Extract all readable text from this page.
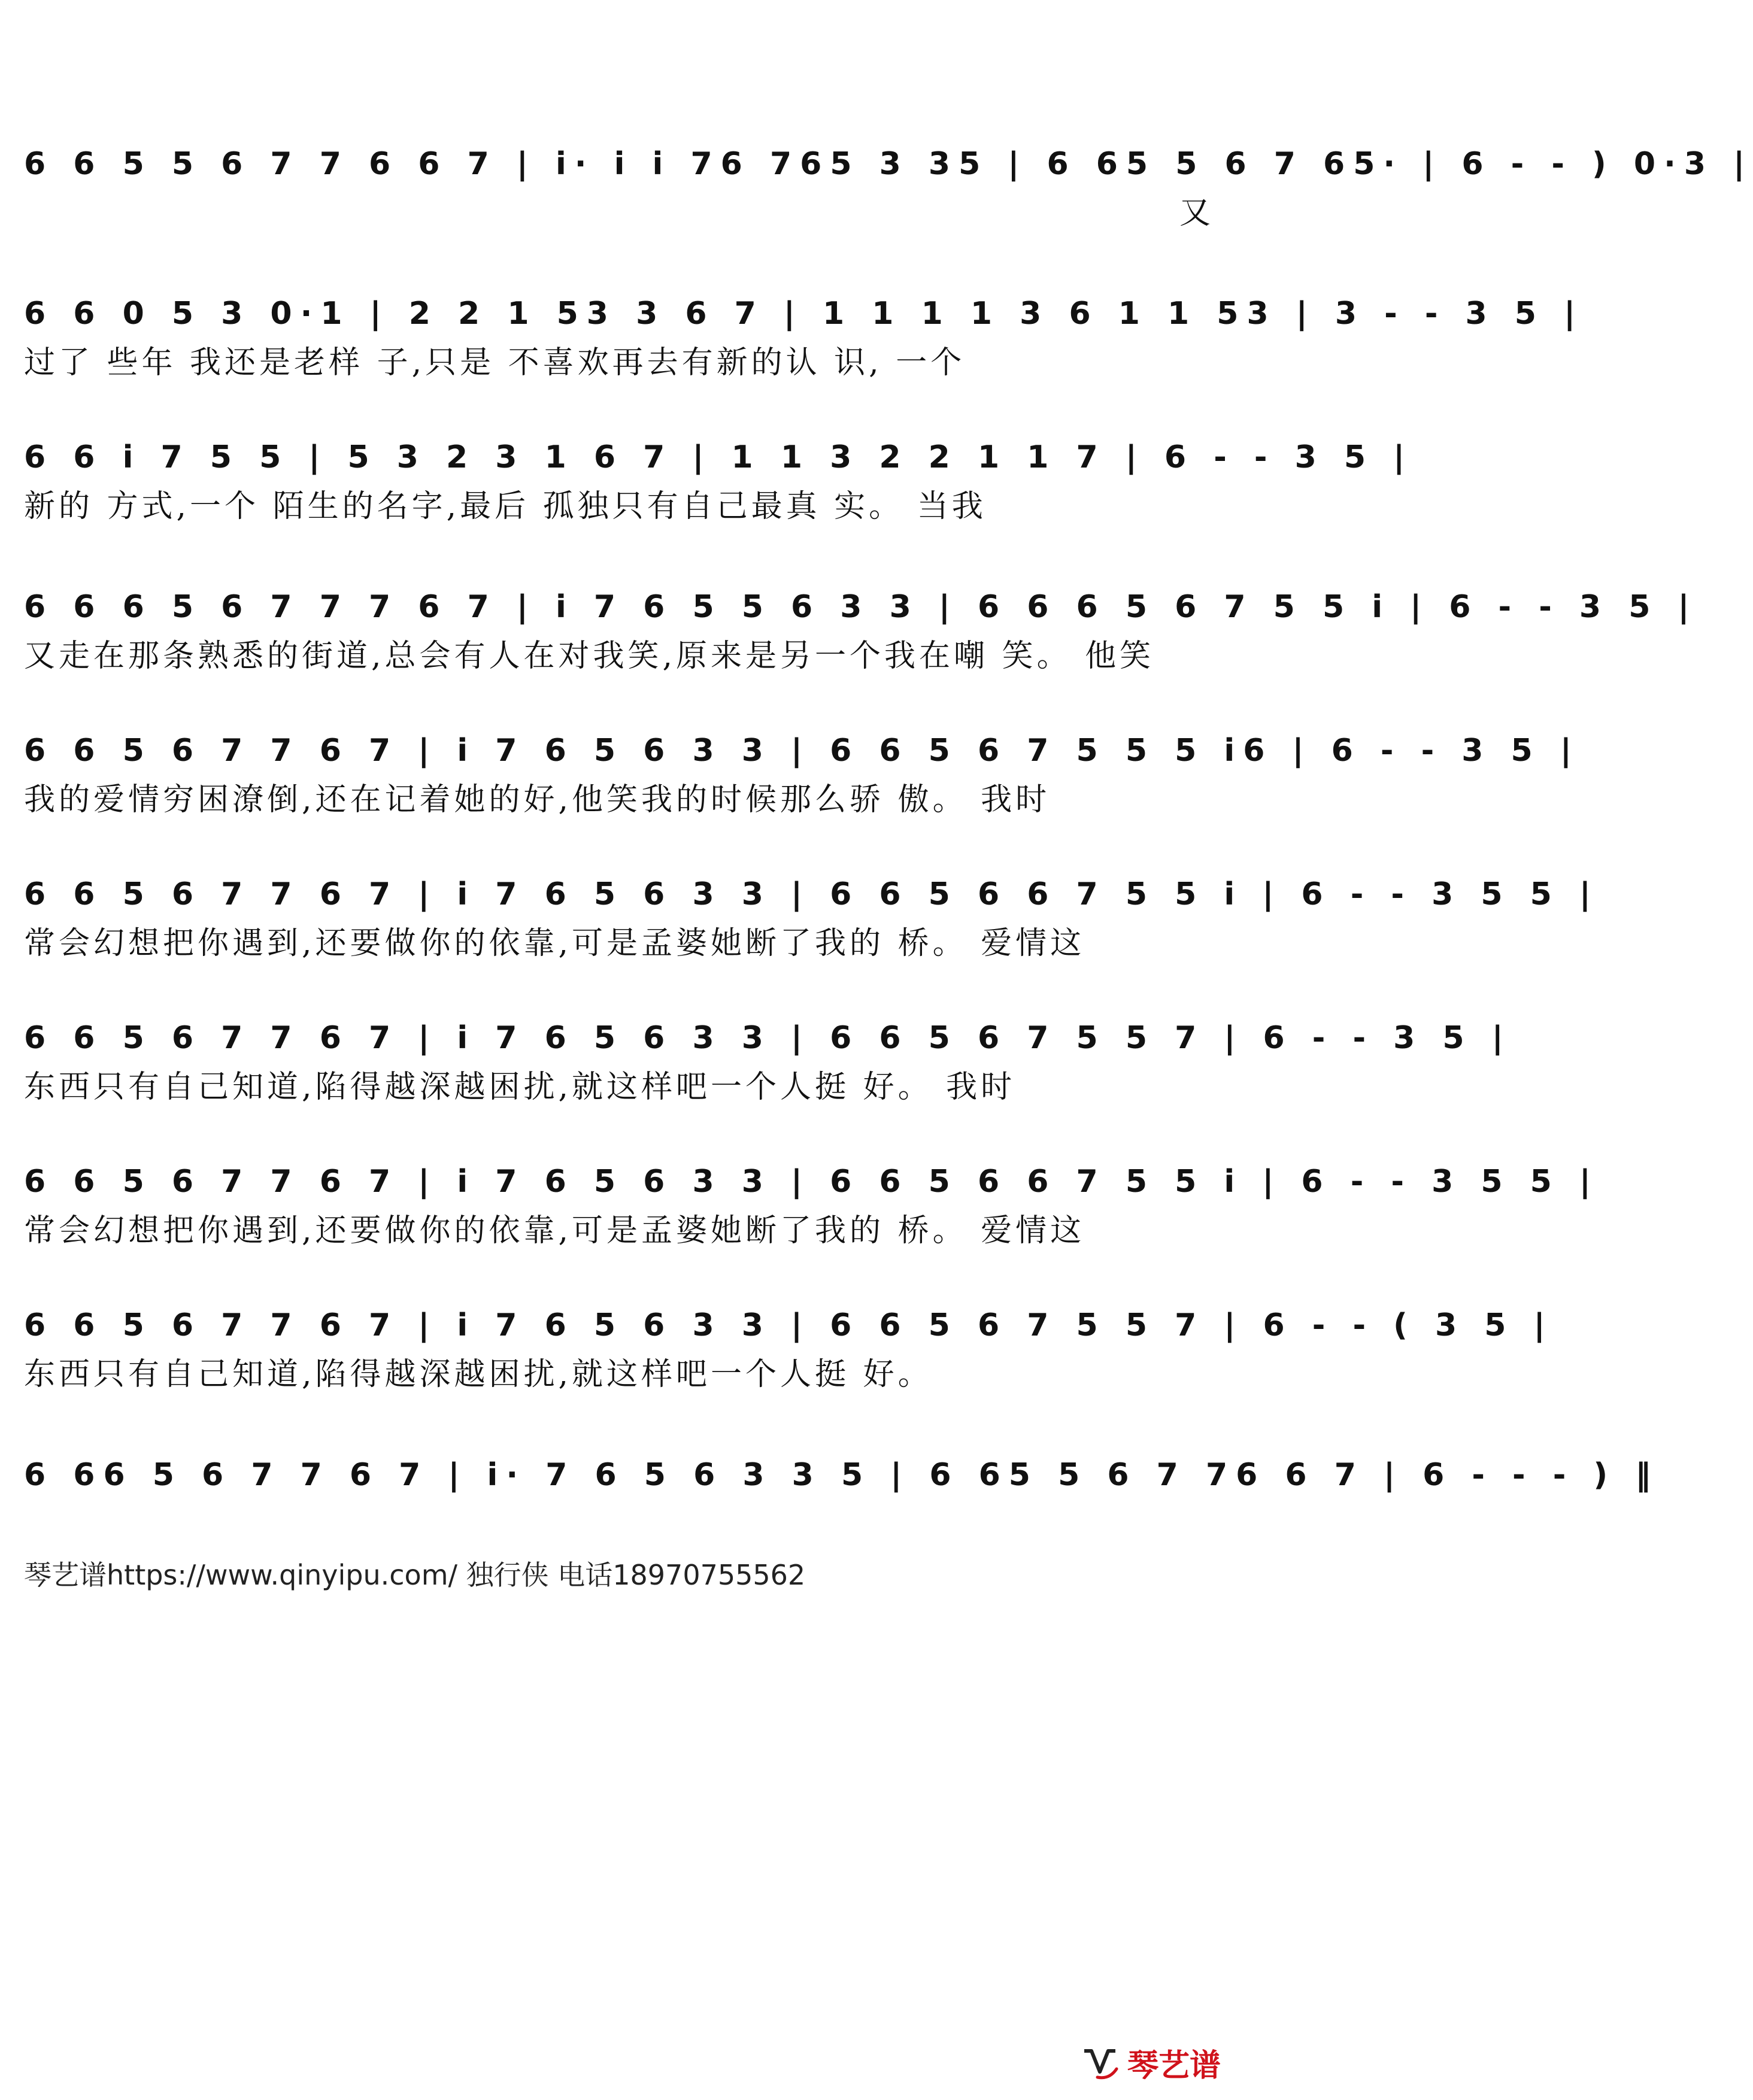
6 6 5 5 6 7 7 6 6 7 | i· i i 76 765 3 35 | 6 65 5 6 7 65· | 6 - - ) 0·3 |
又
6 6 0 5 3 0·1 | 2 2 1 53 3 6 7 | 1 1 1 1 3 6 1 1 53 | 3 - - 3 5 |
过了 些年 我还是老样 子,只是 不喜欢再去有新的认 识, 一个
6 6 i 7 5 5 | 5 3 2 3 1 6 7 | 1 1 3 2 2 1 1 7 | 6 - - 3 5 |
新的 方式,一个 陌生的名字,最后 孤独只有自己最真 实。 当我
6 6 6 5 6 7 7 7 6 7 | i 7 6 5 5 6 3 3 | 6 6 6 5 6 7 5 5 i | 6 - - 3 5 |
又走在那条熟悉的街道,总会有人在对我笑,原来是另一个我在嘲 笑。 他笑
6 6 5 6 7 7 6 7 | i 7 6 5 6 3 3 | 6 6 5 6 7 5 5 5 i6 | 6 - - 3 5 |
我的爱情穷困潦倒,还在记着她的好,他笑我的时候那么骄 傲。 我时
6 6 5 6 7 7 6 7 | i 7 6 5 6 3 3 | 6 6 5 6 6 7 5 5 i | 6 - - 3 5 5 |
常会幻想把你遇到,还要做你的依靠,可是孟婆她断了我的 桥。 爱情这
6 6 5 6 7 7 6 7 | i 7 6 5 6 3 3 | 6 6 5 6 7 5 5 7 | 6 - - 3 5 |
东西只有自己知道,陷得越深越困扰,就这样吧一个人挺 好。 我时
6 6 5 6 7 7 6 7 | i 7 6 5 6 3 3 | 6 6 5 6 6 7 5 5 i | 6 - - 3 5 5 |
常会幻想把你遇到,还要做你的依靠,可是孟婆她断了我的 桥。 爱情这
6 6 5 6 7 7 6 7 | i 7 6 5 6 3 3 | 6 6 5 6 7 5 5 7 | 6 - - ( 3 5 |
东西只有自己知道,陷得越深越困扰,就这样吧一个人挺 好。
6 66 5 6 7 7 6 7 | i· 7 6 5 6 3 3 5 | 6 65 5 6 7 76 6 7 | 6 - - - ) ‖
琴艺谱https://www.qinyipu.com/ 独行侠 电话18970755562
琴艺谱
